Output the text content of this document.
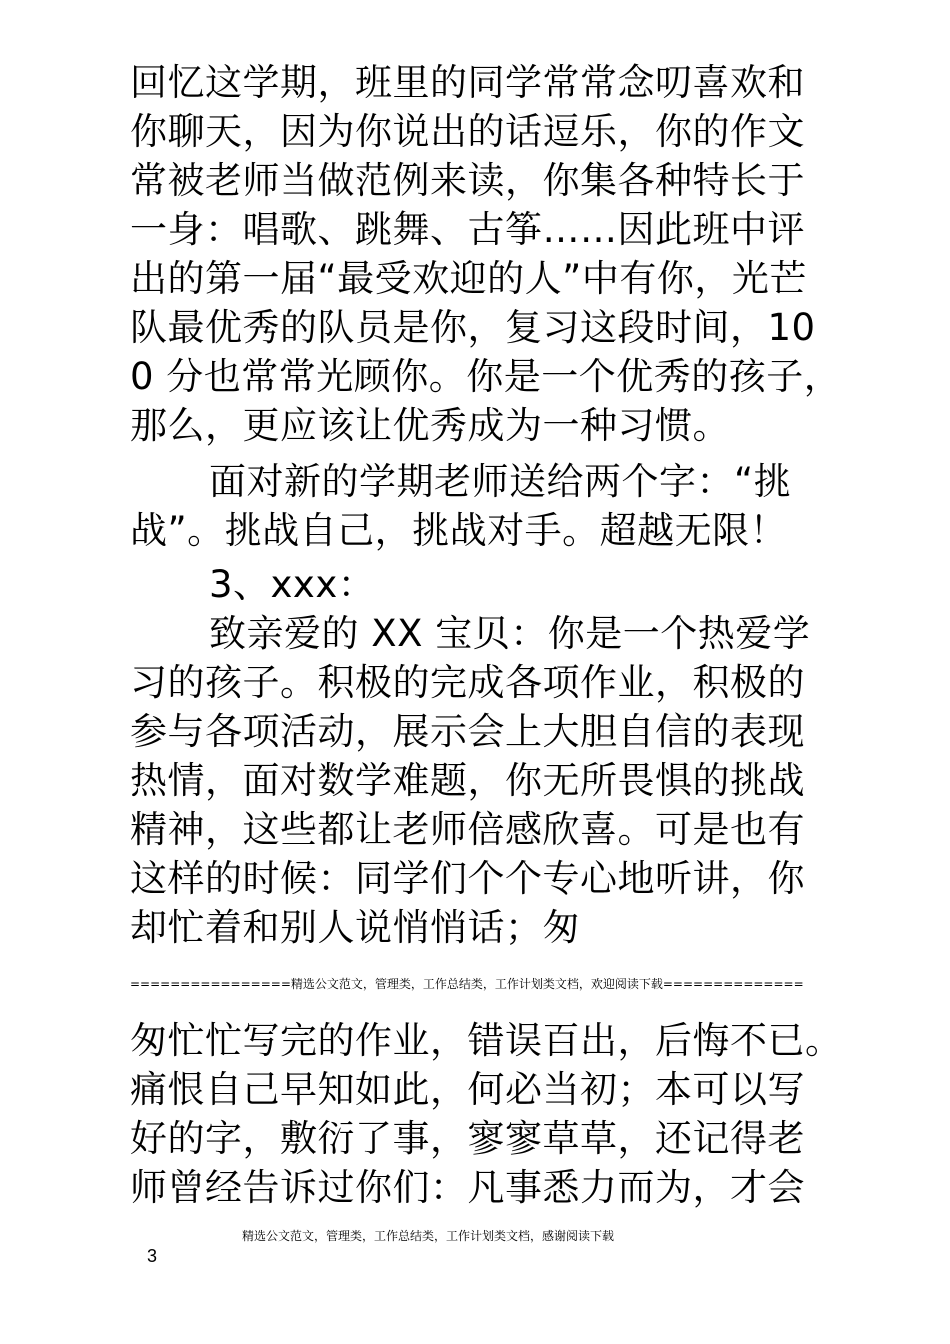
回忆这学期，班里的同学常常念叨喜欢和
你聊天，因为你说出的话逗乐，你的作文
常被老师当做范例来读，你集各种特长于
一身：唱歌、跳舞、古筝……因此班中评
出的第一届“最受欢迎的人”中有你，光芒
队最优秀的队员是你，复习这段时间，10
0 分也常常光顾你。你是一个优秀的孩子，
那么，更应该让优秀成为一种习惯。
面对新的学期老师送给两个字：“挑
战”。挑战自己，挑战对手。超越无限！
3、xxx：
致亲爱的 XX 宝贝：你是一个热爱学
习的孩子。积极的完成各项作业，积极的
参与各项活动，展示会上大胆自信的表现
热情，面对数学难题，你无所畏惧的挑战
精神，这些都让老师倍感欣喜。可是也有
这样的时候：同学们个个专心地听讲，你
却忙着和别人说悄悄话；匆
================精选公文范文，管理类，工作总结类，工作计划类文档，欢迎阅读下载==============
匆忙忙写完的作业，错误百出，后悔不已。
痛恨自己早知如此，何必当初；本可以写
好的字，敷衍了事，寥寥草草，还记得老
师曾经告诉过你们：凡事悉力而为，才会
精选公文范文，管理类，工作总结类，工作计划类文档，感谢阅读下载
3
